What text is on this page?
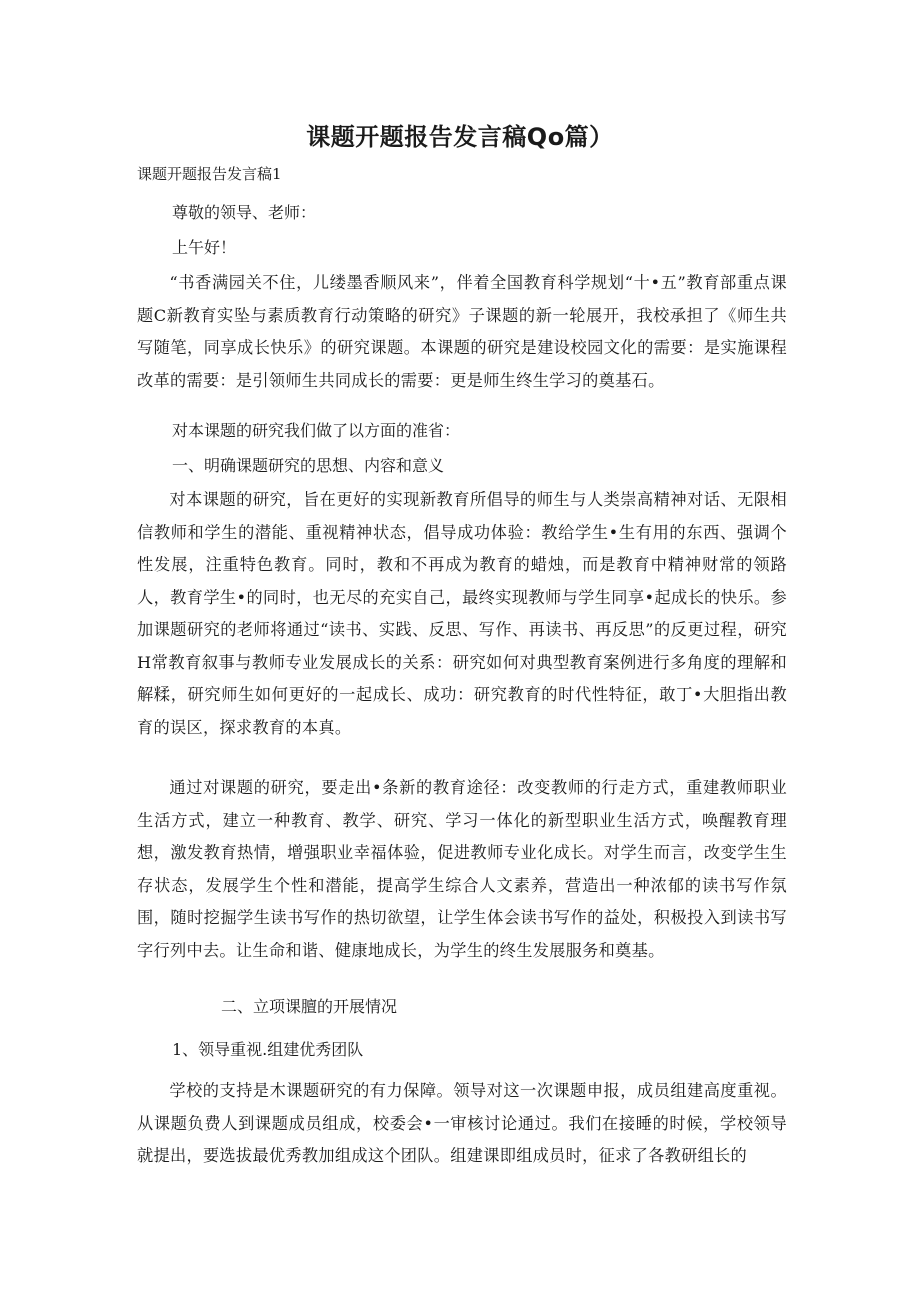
课题开题报告发言稿Qo篇）
课题开题报告发言稿1
尊敬的领导、老师：
上午好！

“书香满园关不住，儿缕墨香顺风来”，伴着全国教育科学规划“十•五”教育部重点课题C新教育实坠与素质教育行动策略的研究》子课题的新一轮展开，我校承担了《师生共写随笔，同享成长快乐》的研究课题。本课题的研究是建设校园文化的需要：是实施课程改革的需要：是引领师生共同成长的需要：更是师生终生学习的奠基石。

对本课题的研究我们做了以方面的准省：
一、明确课题研究的思想、内容和意义

对本课题的研究，旨在更好的实现新教育所倡导的师生与人类崇高精神对话、无限相信教师和学生的潜能、重视精神状态，倡导成功体验：教给学生•生有用的东西、强调个性发展，注重特色教育。同时，教和不再成为教育的蜡烛，而是教育中精神财常的领路人，教育学生•的同时，也无尽的充实自己，最终实现教师与学生同享•起成长的快乐。参加课题研究的老师将通过“读书、实践、反思、写作、再读书、再反思”的反更过程，研究H常教育叙事与教师专业发展成长的关系：研究如何对典型教育案例进行多角度的理解和解糅，研究师生如何更好的一起成长、成功：研究教育的时代性特征，敢丁•大胆指出教育的误区，探求教育的本真。

通过对课题的研究，要走出•条新的教育途径：改变教师的行走方式，重建教师职业生活方式，建立一种教育、教学、研究、学习一体化的新型职业生活方式，唤醒教育理想，激发教育热情，增强职业幸福体验，促进教师专业化成长。对学生而言，改变学生生存状态，发展学生个性和潜能，提高学生综合人文素养，营造出一种浓郁的读书写作氛围，随时挖掘学生读书写作的热切欲望，让学生体会读书写作的益处，积极投入到读书写字行列中去。让生命和谐、健康地成长，为学生的终生发展服务和奠基。

二、立项课膻的开展情况
1、领导重视.组建优秀团队

学校的支持是木课题研究的有力保障。领导对这一次课题申报，成员组建高度重视。从课题负费人到课题成员组成，校委会•一审核讨论通过。我们在接睡的时候，学校领导就提出，要选拔最优秀教加组成这个团队。组建课即组成员时，征求了各教研组长的
